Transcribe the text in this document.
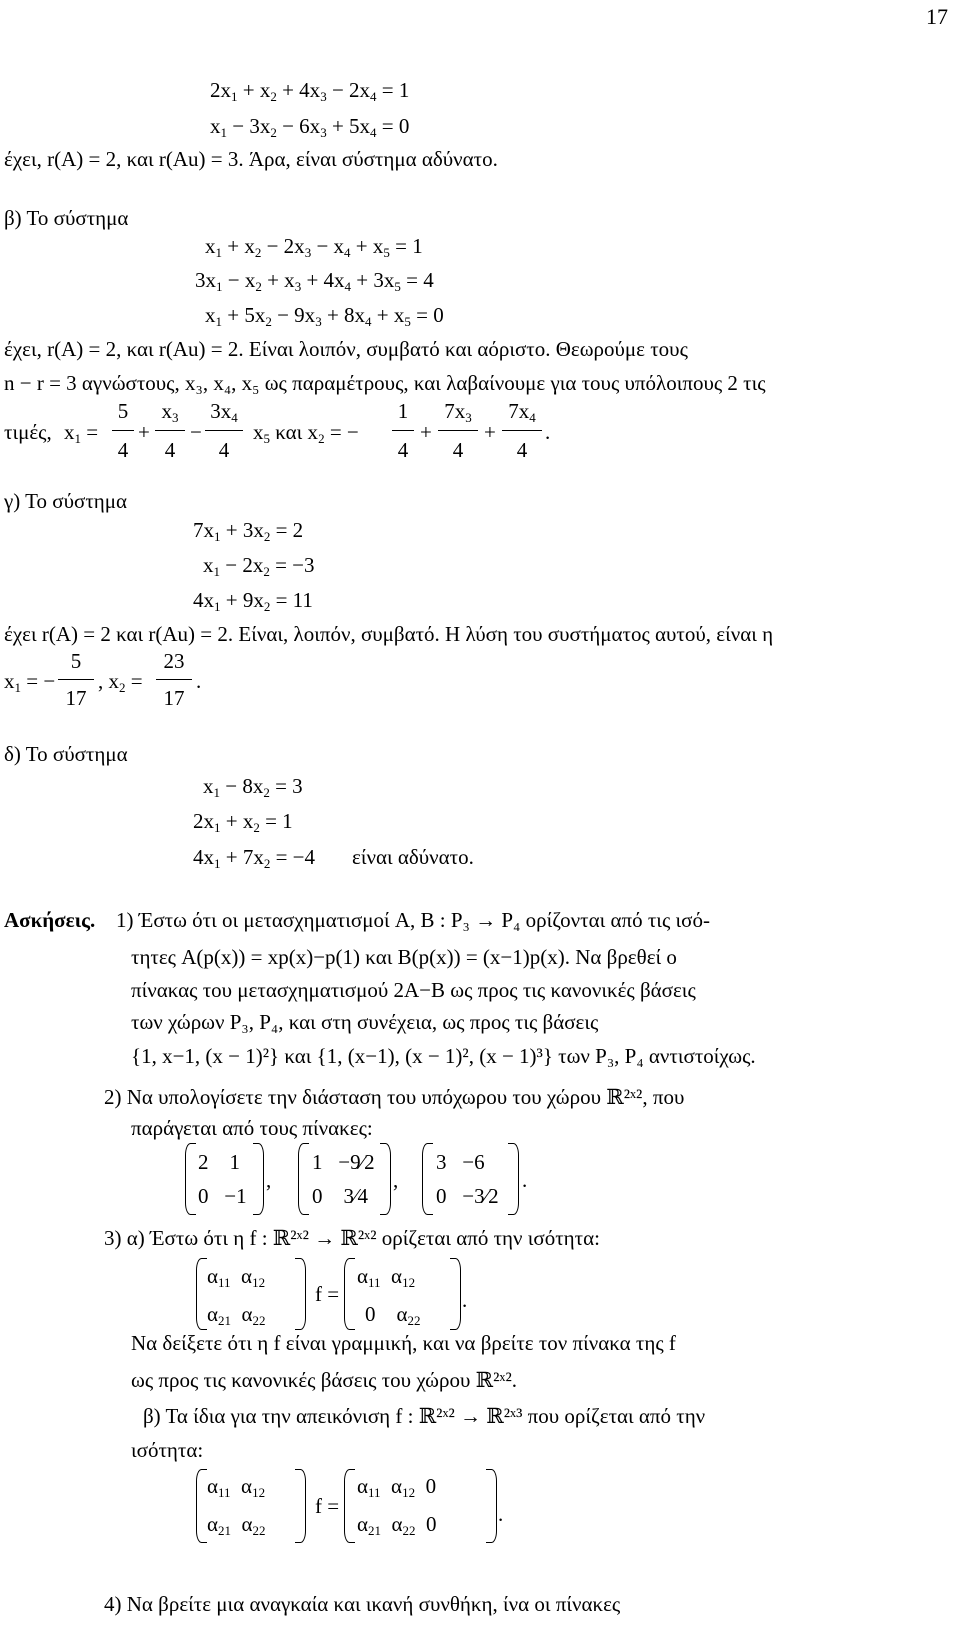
17
$2x_1 + x_2 + 4x_3 - 2x_4 = 1$
$x_1 - 3x_2 - 6x_3 + 5x_4 = 0$
έχει, r(A) = 2, και r(Au) = 3. Άρα, είναι σύστημα αδύνατο.
β) Το σύστημα
$x_1 + x_2 - 2x_3 - x_4 + x_5 = 1$
$3x_1 - x_2 + x_3 + 4x_4 + 3x_5 = 4$
$x_1 + 5x_2 - 9x_3 + 8x_4 + x_5 = 0$
έχει, r(A) = 2, και r(Au) = 2. Είναι λοιπόν, συμβατό και αόριστο. Θεωρούμε τους
n − r = 3 αγνώστους, x₃, x₄, x₅ ως παραμέτρους, και λαβαίνουμε για τους υπόλοιπους 2 τις
τιμές, $x_1$ =
5
4
+
$x_3$
4
−
$3x_4$
4
$x_5$ και $x_2$ = −
1
4
+
$7x_3$
4
+
$7x_4$
4
.
γ) Το σύστημα
$7x_1 + 3x_2 = 2$
$x_1 - 2x_2 = -3$
$4x_1 + 9x_2 = 11$
έχει r(A) = 2 και r(Au) = 2. Είναι, λοιπόν, συμβατό. Η λύση του συστήματος αυτού, είναι η
$x_1$ = −
5
17
, $x_2$ =
23
17
.
δ) Το σύστημα
$x_1 - 8x_2 = 3$
$2x_1 + x_2 = 1$
$4x_1 + 7x_2 = -4$ είναι αδύνατο.
Ασκήσεις. 1) Έστω ότι οι μετασχηματισμοί A, B : P₃ → P₄ ορίζονται από τις ισό-
τητες A(p(x)) = xp(x)−p(1) και B(p(x)) = (x−1)p(x). Να βρεθεί ο
πίνακας του μετασχηματισμού 2A−B ως προς τις κανονικές βάσεις
των χώρων P₃, P₄, και στη συνέχεια, ως προς τις βάσεις
{1, x−1, (x − 1)²} και {1, (x−1), (x − 1)², (x − 1)³} των P₃, P₄ αντιστοίχως.
2) Να υπολογίσετε την διάσταση του υπόχωρου του χώρου ℝ²ˣ², που
παράγεται από τους πίνακες:
2    1
0   −1
,
1   −9⁄2
0    3⁄4
,
3   −6
0   −3⁄2
.
3) α) Έστω ότι η f : ℝ²ˣ² → ℝ²ˣ² ορίζεται από την ισότητα:
$\alpha_{11}$  $\alpha_{12}$
$\alpha_{21}$  $\alpha_{22}$
f =
$\alpha_{11}$  $\alpha_{12}$
0    $\alpha_{22}$
.
Να δείξετε ότι η f είναι γραμμική, και να βρείτε τον πίνακα της f
ως προς τις κανονικές βάσεις του χώρου ℝ²ˣ².
β) Τα ίδια για την απεικόνιση f : ℝ²ˣ² → ℝ²ˣ³ που ορίζεται από την
ισότητα:
$\alpha_{11}$  $\alpha_{12}$
$\alpha_{21}$  $\alpha_{22}$
f =
$\alpha_{11}$  $\alpha_{12}$  0
$\alpha_{21}$  $\alpha_{22}$  0	.
4) Να βρείτε μια αναγκαία και ικανή συνθήκη, ίνα οι πίνακες
